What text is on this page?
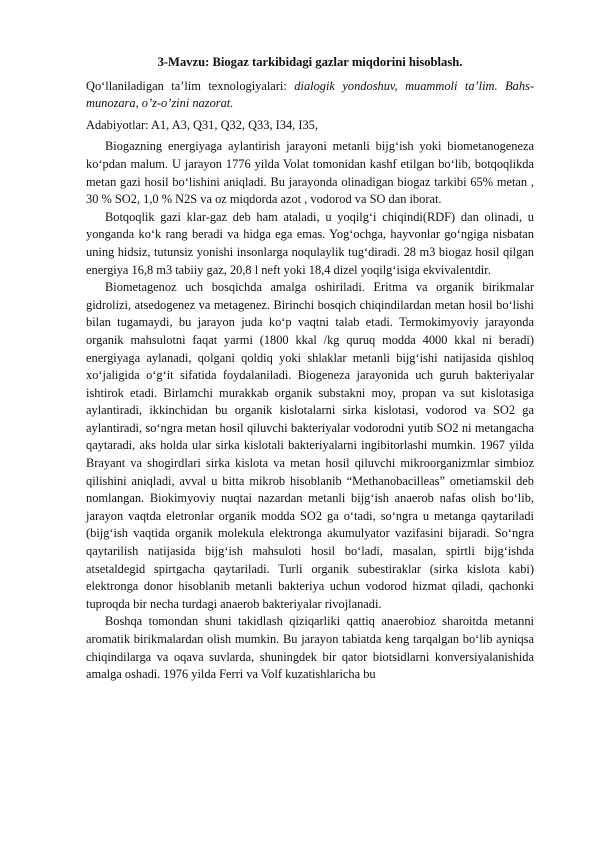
3-Mavzu: Biogaz tarkibidagi gazlar miqdorini hisoblash.
Qo‘llaniladigan ta’lim texnologiyalari: dialogik yondoshuv, muammoli ta’lim. Bahs-munozara, o’z-o’zini nazorat.
Adabiyotlar: A1, A3, Q31, Q32, Q33, I34, I35,

Biogazning energiyaga aylantirish jarayoni metanli bijg‘ish yoki biometanogeneza ko‘pdan malum. U jarayon 1776 yilda Volat tomonidan kashf etilgan bo‘lib, botqoqlikda metan gazi hosil bo‘lishini aniqladi. Bu jarayonda olinadigan biogaz tarkibi 65% metan , 30 % SO2, 1,0 % N2S va oz miqdorda azot , vodorod va SO dan iborat.

Botqoqlik gazi klar-gaz deb ham ataladi, u yoqilg‘i chiqindi(RDF) dan olinadi, u yonganda ko‘k rang beradi va hidga ega emas. Yog‘ochga, hayvonlar go‘ngiga nisbatan uning hidsiz, tutunsiz yonishi insonlarga noqulaylik tug‘diradi. 28 m3 biogaz hosil qilgan energiya 16,8 m3 tabiiy gaz, 20,8 l neft yoki 18,4 dizel yoqilg‘isiga ekvivalentdir.

Biometagenoz uch bosqichda amalga oshiriladi. Eritma va organik birikmalar gidrolizi, atsedogenez va metagenez. Birinchi bosqich chiqindilardan metan hosil bo‘lishi bilan tugamaydi, bu jarayon juda ko‘p vaqtni talab etadi. Termokimyoviy jarayonda organik mahsulotni faqat yarmi (1800 kkal /kg quruq modda 4000 kkal ni beradi) energiyaga aylanadi, qolgani qoldiq yoki shlaklar metanli bijg‘ishi natijasida qishloq xo‘jaligida o‘g‘it sifatida foydalaniladi. Biogeneza jarayonida uch guruh bakteriyalar ishtirok etadi. Birlamchi murakkab organik substakni moy, propan va sut kislotasiga aylantiradi, ikkinchidan bu organik kislotalarni sirka kislotasi, vodorod va SO2 ga aylantiradi, so‘ngra metan hosil qiluvchi bakteriyalar vodorodni yutib SO2 ni metangacha qaytaradi, aks holda ular sirka kislotali bakteriyalarni ingibitorlashi mumkin. 1967 yilda Brayant va shogirdlari sirka kislota va metan hosil qiluvchi mikroorganizmlar simbioz qilishini aniqladi, avval u bitta mikrob hisoblanib “Methanobacilleas” ometiamskil deb nomlangan. Biokimyoviy nuqtai nazardan metanli bijg‘ish anaerob nafas olish bo‘lib, jarayon vaqtda eletronlar organik modda SO2 ga o‘tadi, so‘ngra u metanga qaytariladi (bijg‘ish vaqtida organik molekula elektronga akumulyator vazifasini bijaradi. So‘ngra qaytarilish natijasida bijg‘ish mahsuloti hosil bo‘ladi, masalan, spirtli bijg‘ishda atsetaldegid spirtgacha qaytariladi. Turli organik subestiraklar (sirka kislota kabi) elektronga donor hisoblanib metanli bakteriya uchun vodorod hizmat qiladi, qachonki tuproqda bir necha turdagi anaerob bakteriyalar rivojlanadi.

Boshqa tomondan shuni takidlash qiziqarliki qattiq anaerobioz sharoitda metanni aromatik birikmalardan olish mumkin. Bu jarayon tabiatda keng tarqalgan bo‘lib ayniqsa chiqindilarga va oqava suvlarda, shuningdek bir qator biotsidlarni konversiyalanishida amalga oshadi. 1976 yilda Ferri va Volf kuzatishlaricha bu
